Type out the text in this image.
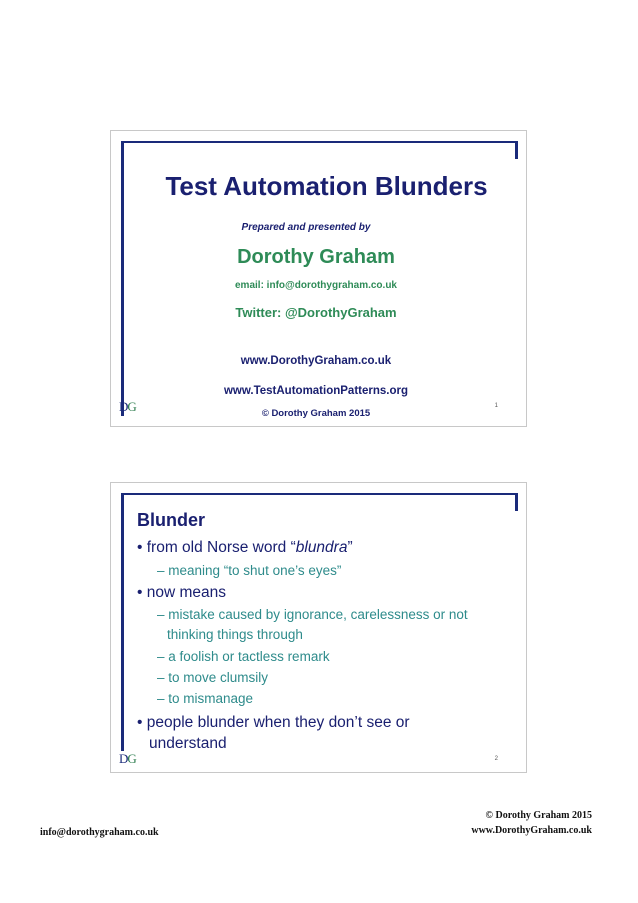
Test Automation Blunders
Prepared and presented by
Dorothy Graham
email: info@dorothygraham.co.uk
Twitter: @DorothyGraham
www.DorothyGraham.co.uk
www.TestAutomationPatterns.org
© Dorothy Graham 2015
DG	1
Blunder
• from old Norse word “blundra”
– meaning “to shut one’s eyes”
• now means
– mistake caused by ignorance, carelessness or not
thinking things through
– a foolish or tactless remark
– to move clumsily
– to mismanage
• people blunder when they don’t see or
understand
DG	2
info@dorothygraham.co.uk
© Dorothy Graham 2015
www.DorothyGraham.co.uk
